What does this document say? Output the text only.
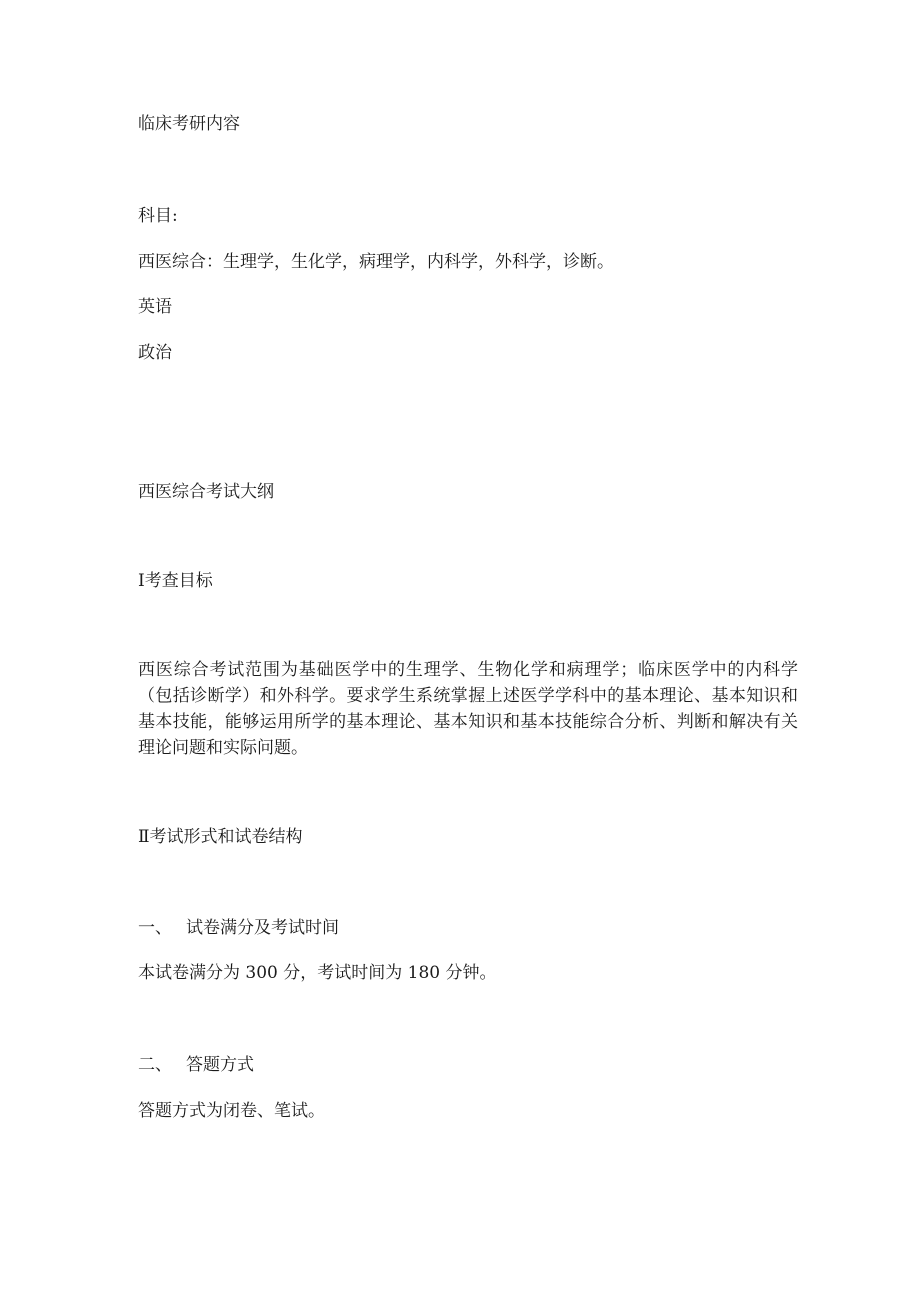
临床考研内容
科目:
西医综合：生理学，生化学，病理学，内科学，外科学，诊断。
英语
政治
西医综合考试大纲
Ⅰ考查目标
西医综合考试范围为基础医学中的生理学、生物化学和病理学；临床医学中的内科学（包括诊断学）和外科学。要求学生系统掌握上述医学学科中的基本理论、基本知识和基本技能，能够运用所学的基本理论、基本知识和基本技能综合分析、判断和解决有关理论问题和实际问题。
Ⅱ考试形式和试卷结构
一、 试卷满分及考试时间
本试卷满分为 300 分，考试时间为 180 分钟。
二、 答题方式
答题方式为闭卷、笔试。
